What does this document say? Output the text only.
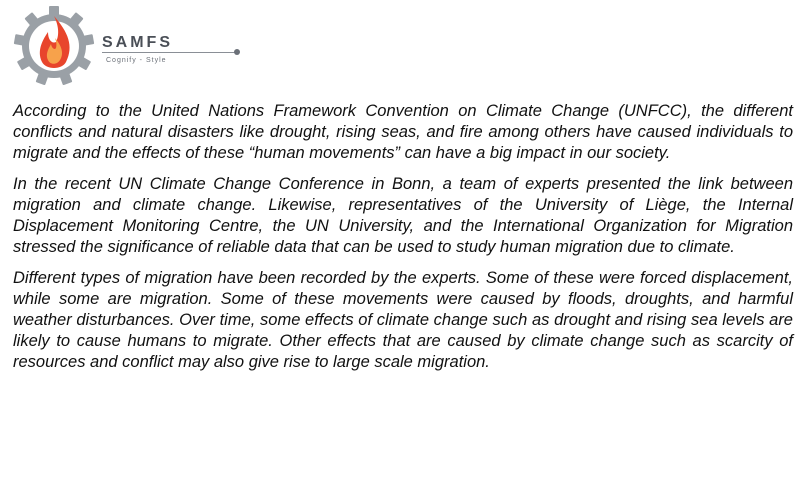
SAMFS
Cognify - Style

According to the United Nations Framework Convention on Climate Change (UNFCC), the different conflicts and natural disasters like drought, rising seas, and fire among others have caused individuals to migrate and the effects of these “human movements” can have a big impact in our society.

In the recent UN Climate Change Conference in Bonn, a team of experts presented the link between migration and climate change. Likewise, representatives of the University of Liège, the Internal Displacement Monitoring Centre, the UN University, and the International Organization for Migration stressed the significance of reliable data that can be used to study human migration due to climate.

Different types of migration have been recorded by the experts. Some of these were forced displacement, while some are migration. Some of these movements were caused by floods, droughts, and harmful weather disturbances. Over time, some effects of climate change such as drought and rising sea levels are likely to cause humans to migrate. Other effects that are caused by climate change such as scarcity of resources and conflict may also give rise to large scale migration.
